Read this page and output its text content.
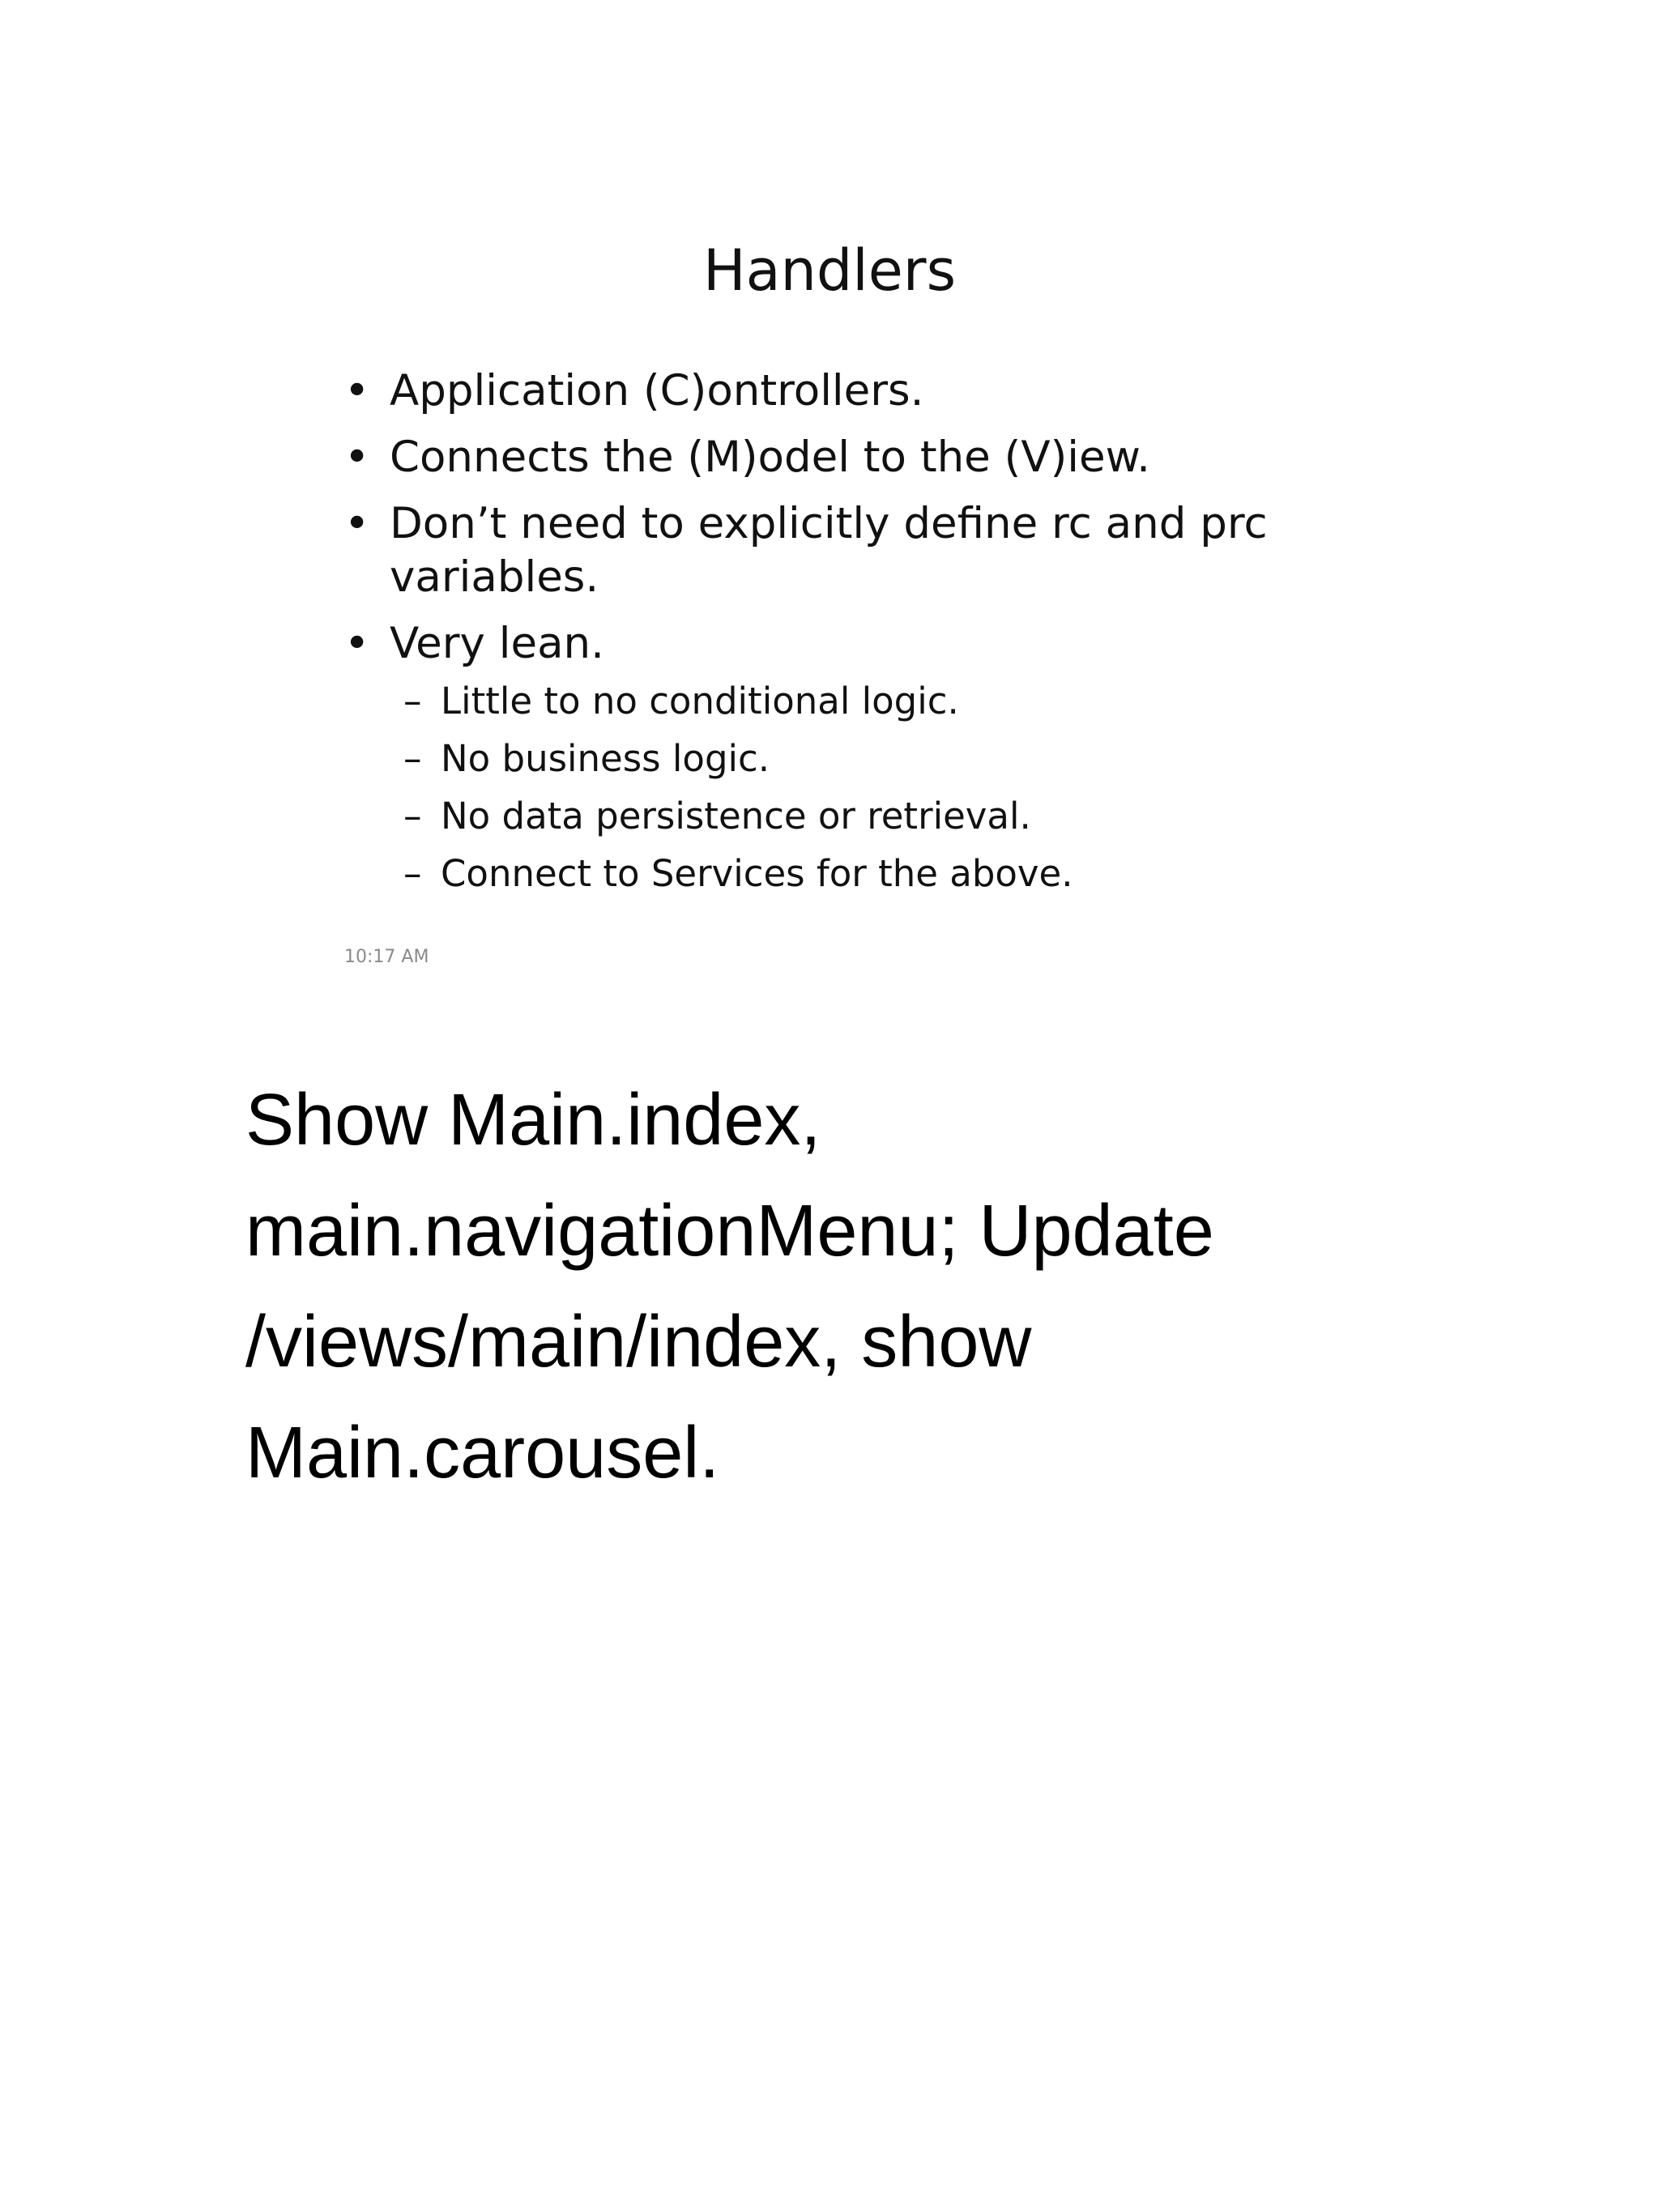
Handlers
• Application (C)ontrollers.
• Connects the (M)odel to the (V)iew.
• Don’t need to explicitly define rc and prc variables.
• Very lean.
– Little to no conditional logic.
– No business logic.
– No data persistence or retrieval.
– Connect to Services for the above.
10:17 AM

Show Main.index, main.navigationMenu; Update /views/main/index, show Main.carousel.
